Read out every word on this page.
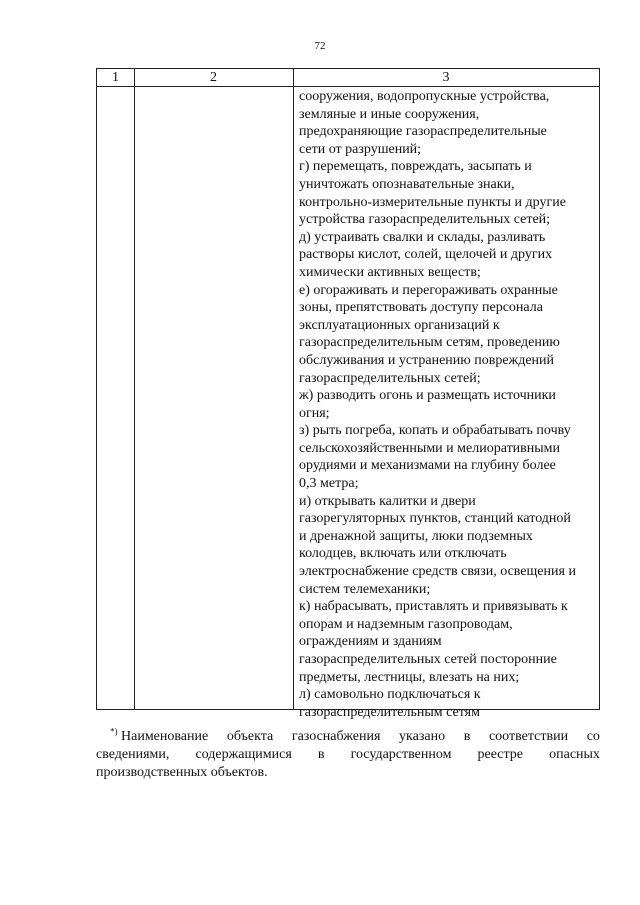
72
1	2	3
сооружения, водопропускные устройства,
земляные и иные сооружения,
предохраняющие газораспределительные
сети от разрушений;
г) перемещать, повреждать, засыпать и
уничтожать опознавательные знаки,
контрольно-измерительные пункты и другие
устройства газораспределительных сетей;
д) устраивать свалки и склады, разливать
растворы кислот, солей, щелочей и других
химически активных веществ;
е) огораживать и перегораживать охранные
зоны, препятствовать доступу персонала
эксплуатационных организаций к
газораспределительным сетям, проведению
обслуживания и устранению повреждений
газораспределительных сетей;
ж) разводить огонь и размещать источники
огня;
з) рыть погреба, копать и обрабатывать почву
сельскохозяйственными и мелиоративными
орудиями и механизмами на глубину более
0,3 метра;
и) открывать калитки и двери
газорегуляторных пунктов, станций катодной
и дренажной защиты, люки подземных
колодцев, включать или отключать
электроснабжение средств связи, освещения и
систем телемеханики;
к) набрасывать, приставлять и привязывать к
опорам и надземным газопроводам,
ограждениям и зданиям
газораспределительных сетей посторонние
предметы, лестницы, влезать на них;
л) самовольно подключаться к
газораспределительным сетям
*) Наименование объекта газоснабжения указано в соответствии со
сведениями, содержащимися в государственном реестре опасных
производственных объектов.
